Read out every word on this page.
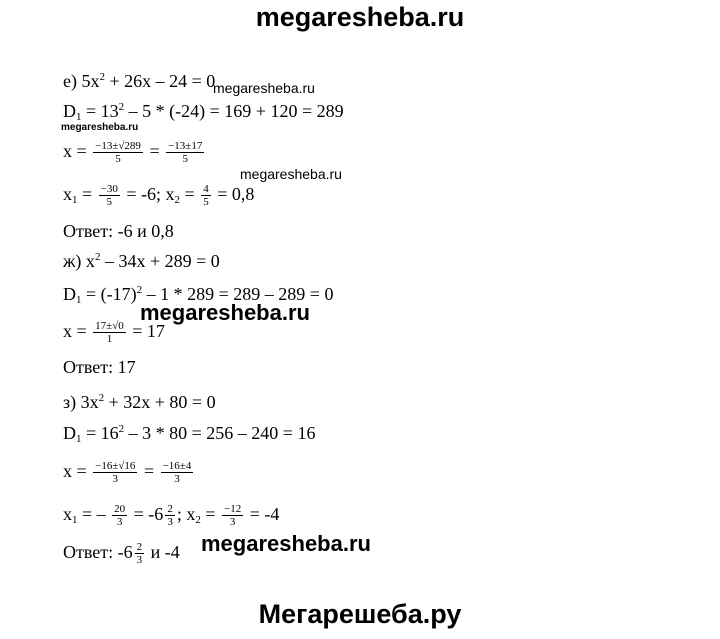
megaresheba.ru
megaresheba.ru
megaresheba.ru
megaresheba.ru
megaresheba.ru
megaresheba.ru
Мегарешеба.ру
е) $5x^2 + 26x - 24 = 0$
$D_1 = 13^2 - 5 * (-24) = 169 + 120 = 289$
$x = \frac{-13\pm√289}{5} = \frac{-13\pm 17}{5}$
$x_1 = \frac{-30}{5} = -6$; $x_2 = \frac{4}{5} = 0,8$
Ответ: -6 и 0,8
ж) $x^2 - 34x + 289 = 0$
$D_1 = (-17)^2 - 1 * 289 = 289 - 289 = 0$
$x = \frac{17\pm√0}{1} = 17$
Ответ: 17
з) $3x^2 + 32x + 80 = 0$
$D_1 = 16^2 - 3 * 80 = 256 - 240 = 16$
$x = \frac{-16\pm√16}{3} = \frac{-16\pm 4}{3}$
$x_1$ = – $\frac{20}{3} = -6 \frac{2}{3}$ ; $x_2 = \frac{-12}{3} = -4$
Ответ: $-6 \frac{2}{3}$ и -4
